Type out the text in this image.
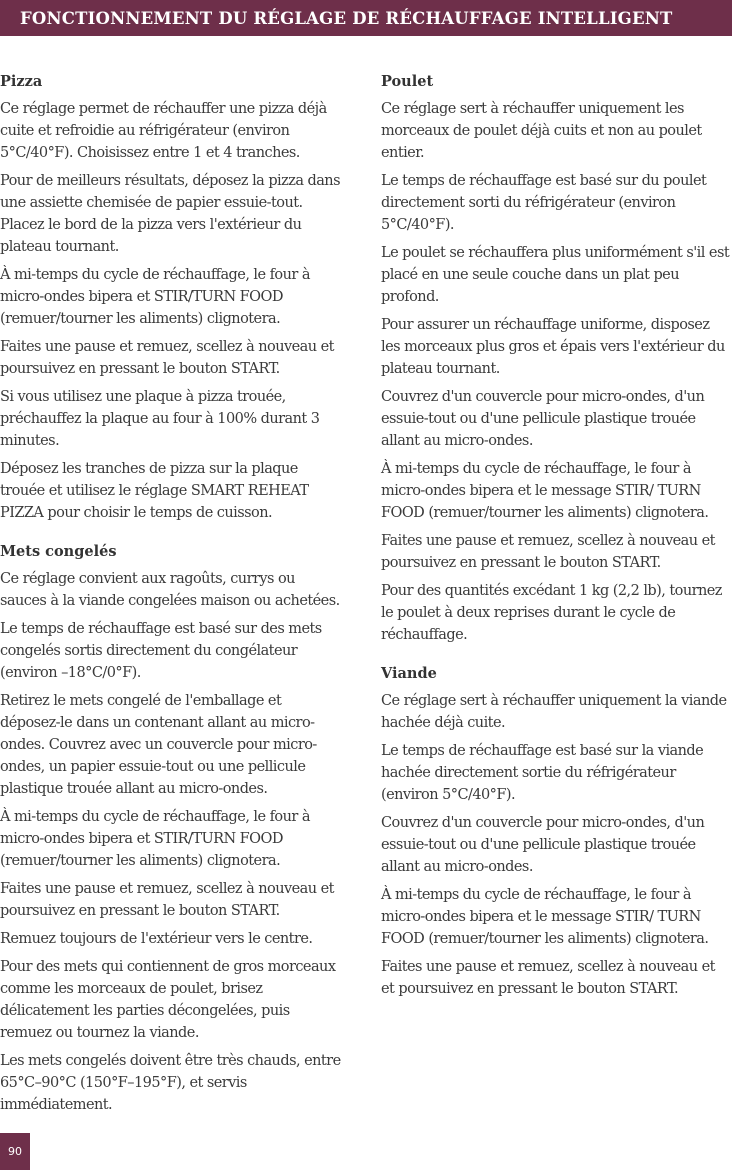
FONCTIONNEMENT DU RÉGLAGE DE RÉCHAUFFAGE INTELLIGENT
Pizza

Ce réglage permet de réchauffer une pizza déjà cuite et refroidie au réfrigérateur (environ 5°C/40°F). Choisissez entre 1 et 4 tranches.

Pour de meilleurs résultats, déposez la pizza dans une assiette chemisée de papier essuie-tout. Placez le bord de la pizza vers l'extérieur du plateau tournant.

À mi-temps du cycle de réchauffage, le four à micro-ondes bipera et STIR/TURN FOOD (remuer/tourner les aliments) clignotera.

Faites une pause et remuez, scellez à nouveau et poursuivez en pressant le bouton START.

Si vous utilisez une plaque à pizza trouée, préchauffez la plaque au four à 100% durant 3 minutes.

Déposez les tranches de pizza sur la plaque trouée et utilisez le réglage SMART REHEAT PIZZA pour choisir le temps de cuisson.

Mets congelés

Ce réglage convient aux ragoûts, currys ou sauces à la viande congelées maison ou achetées.

Le temps de réchauffage est basé sur des mets congelés sortis directement du congélateur (environ –18°C/0°F).

Retirez le mets congelé de l'emballage et déposez-le dans un contenant allant au micro-ondes. Couvrez avec un couvercle pour micro-ondes, un papier essuie-tout ou une pellicule plastique trouée allant au micro-ondes.

À mi-temps du cycle de réchauffage, le four à micro-ondes bipera et STIR/TURN FOOD (remuer/tourner les aliments) clignotera.

Faites une pause et remuez, scellez à nouveau et poursuivez en pressant le bouton START.

Remuez toujours de l'extérieur vers le centre.

Pour des mets qui contiennent de gros morceaux comme les morceaux de poulet, brisez délicatement les parties décongelées, puis remuez ou tournez la viande.

Les mets congelés doivent être très chauds, entre 65°C–90°C (150°F–195°F), et servis immédiatement.

Poulet

Ce réglage sert à réchauffer uniquement les morceaux de poulet déjà cuits et non au poulet entier.

Le temps de réchauffage est basé sur du poulet directement sorti du réfrigérateur (environ 5°C/40°F).

Le poulet se réchauffera plus uniformément s'il est placé en une seule couche dans un plat peu profond.

Pour assurer un réchauffage uniforme, disposez les morceaux plus gros et épais vers l'extérieur du plateau tournant.

Couvrez d'un couvercle pour micro-ondes, d'un essuie-tout ou d'une pellicule plastique trouée allant au micro-ondes.

À mi-temps du cycle de réchauffage, le four à micro-ondes bipera et le message STIR/ TURN FOOD (remuer/tourner les aliments) clignotera.

Faites une pause et remuez, scellez à nouveau et poursuivez en pressant le bouton START.

Pour des quantités excédant 1 kg (2,2 lb), tournez le poulet à deux reprises durant le cycle de réchauffage.

Viande

Ce réglage sert à réchauffer uniquement la viande hachée déjà cuite.

Le temps de réchauffage est basé sur la viande hachée directement sortie du réfrigérateur (environ 5°C/40°F).

Couvrez d'un couvercle pour micro-ondes, d'un essuie-tout ou d'une pellicule plastique trouée allant au micro-ondes.

À mi-temps du cycle de réchauffage, le four à micro-ondes bipera et le message STIR/ TURN FOOD (remuer/tourner les aliments) clignotera.

Faites une pause et remuez, scellez à nouveau et et poursuivez en pressant le bouton START.

90
